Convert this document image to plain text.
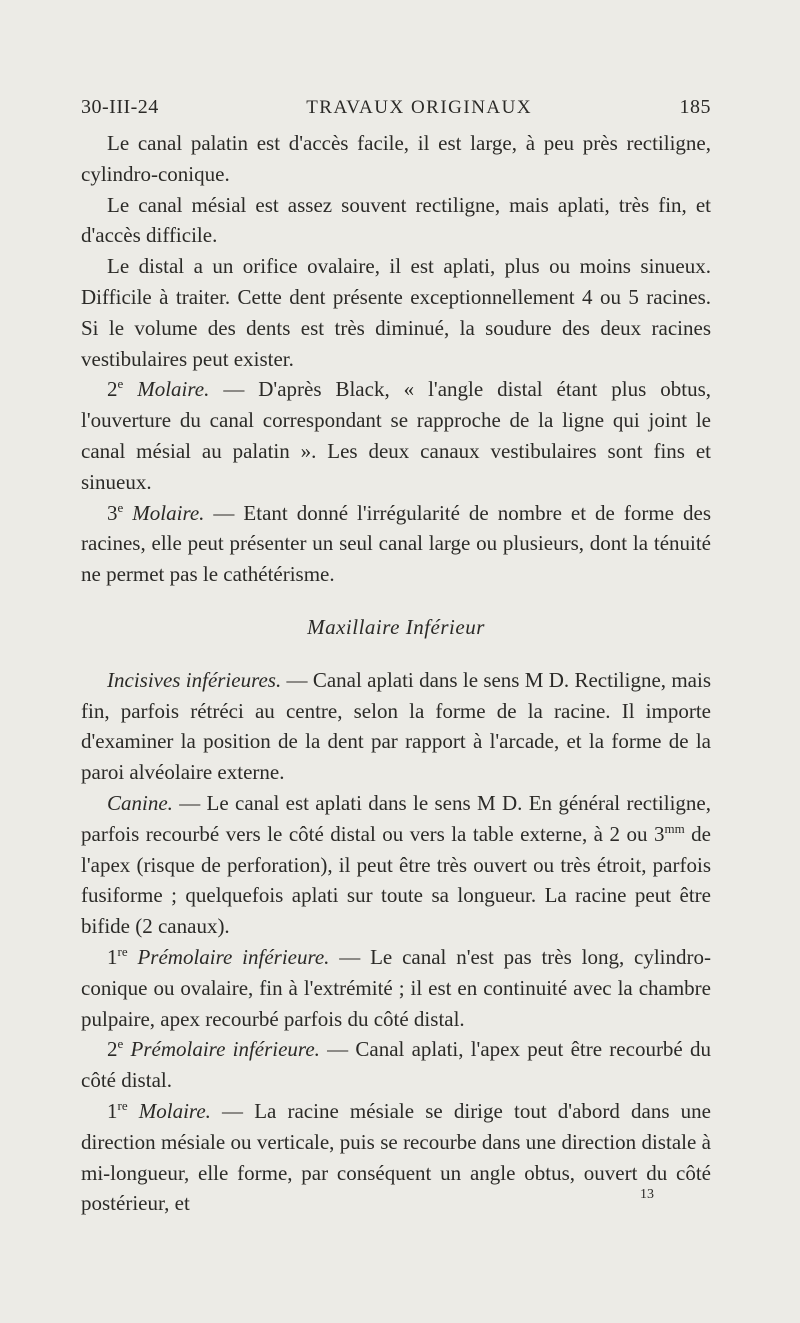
30-III-24	TRAVAUX ORIGINAUX	185

Le canal palatin est d'accès facile, il est large, à peu près rectiligne, cylindro-conique.

Le canal mésial est assez souvent rectiligne, mais aplati, très fin, et d'accès difficile.

Le distal a un orifice ovalaire, il est aplati, plus ou moins sinueux. Difficile à traiter. Cette dent présente exceptionnellement 4 ou 5 racines. Si le volume des dents est très diminué, la soudure des deux racines vestibulaires peut exister.

2e Molaire. — D'après Black, « l'angle distal étant plus obtus, l'ouverture du canal correspondant se rapproche de la ligne qui joint le canal mésial au palatin ». Les deux canaux vestibulaires sont fins et sinueux.

3e Molaire. — Etant donné l'irrégularité de nombre et de forme des racines, elle peut présenter un seul canal large ou plusieurs, dont la ténuité ne permet pas le cathétérisme.

Maxillaire Inférieur

Incisives inférieures. — Canal aplati dans le sens M D. Rectiligne, mais fin, parfois rétréci au centre, selon la forme de la racine. Il importe d'examiner la position de la dent par rapport à l'arcade, et la forme de la paroi alvéolaire externe.

Canine. — Le canal est aplati dans le sens M D. En général rectiligne, parfois recourbé vers le côté distal ou vers la table externe, à 2 ou $3^{mm}$ de l'apex (risque de perforation), il peut être très ouvert ou très étroit, parfois fusiforme ; quelquefois aplati sur toute sa longueur. La racine peut être bifide (2 canaux).

1re Prémolaire inférieure. — Le canal n'est pas très long, cylindro-conique ou ovalaire, fin à l'extrémité ; il est en continuité avec la chambre pulpaire, apex recourbé parfois du côté distal.

2e Prémolaire inférieure. — Canal aplati, l'apex peut être recourbé du côté distal.

1re Molaire. — La racine mésiale se dirige tout d'abord dans une direction mésiale ou verticale, puis se recourbe dans une direction distale à mi-longueur, elle forme, par conséquent un angle obtus, ouvert du côté postérieur, et	13
